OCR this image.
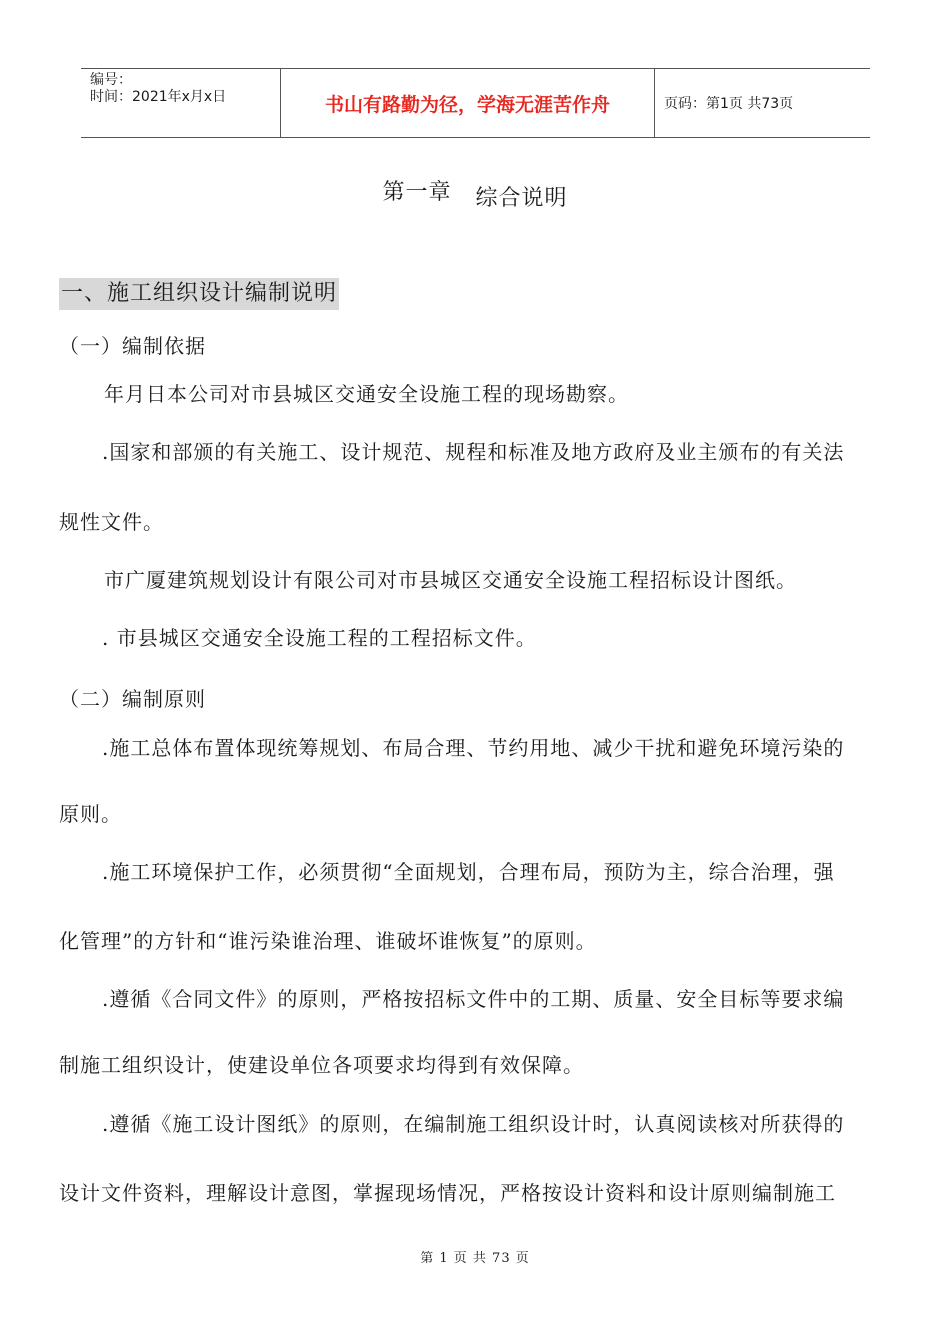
编号：
时间：2021年x月x日	书山有路勤为径，学海无涯苦作舟	页码：第1页 共73页
第一章 综合说明
一、施工组织设计编制说明
（一）编制依据
年月日本公司对市县城区交通安全设施工程的现场勘察。
.国家和部颁的有关施工、设计规范、规程和标准及地方政府及业主颁布的有关法
规性文件。
市广厦建筑规划设计有限公司对市县城区交通安全设施工程招标设计图纸。
. 市县城区交通安全设施工程的工程招标文件。
（二）编制原则
.施工总体布置体现统筹规划、布局合理、节约用地、减少干扰和避免环境污染的
原则。
.施工环境保护工作，必须贯彻“全面规划，合理布局，预防为主，综合治理，强
化管理”的方针和“谁污染谁治理、谁破坏谁恢复”的原则。
.遵循《合同文件》的原则，严格按招标文件中的工期、质量、安全目标等要求编
制施工组织设计，使建设单位各项要求均得到有效保障。
.遵循《施工设计图纸》的原则，在编制施工组织设计时，认真阅读核对所获得的
设计文件资料，理解设计意图，掌握现场情况，严格按设计资料和设计原则编制施工
第 1 页 共 73 页
